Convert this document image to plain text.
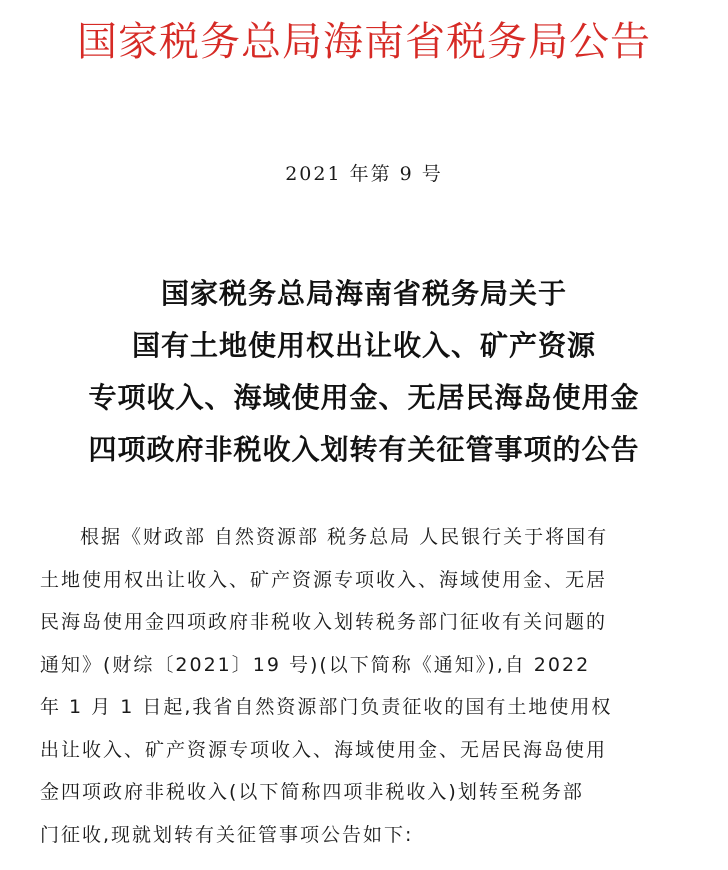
国家税务总局海南省税务局公告
2021 年第 9 号
国家税务总局海南省税务局关于
国有土地使用权出让收入、矿产资源
专项收入、海域使用金、无居民海岛使用金
四项政府非税收入划转有关征管事项的公告
根据《财政部 自然资源部 税务总局 人民银行关于将国有
土地使用权出让收入、矿产资源专项收入、海域使用金、无居
民海岛使用金四项政府非税收入划转税务部门征收有关问题的
通知》(财综〔2021〕19 号)(以下简称《通知》),自 2022
年 1 月 1 日起,我省自然资源部门负责征收的国有土地使用权
出让收入、矿产资源专项收入、海域使用金、无居民海岛使用
金四项政府非税收入(以下简称四项非税收入)划转至税务部
门征收,现就划转有关征管事项公告如下:
